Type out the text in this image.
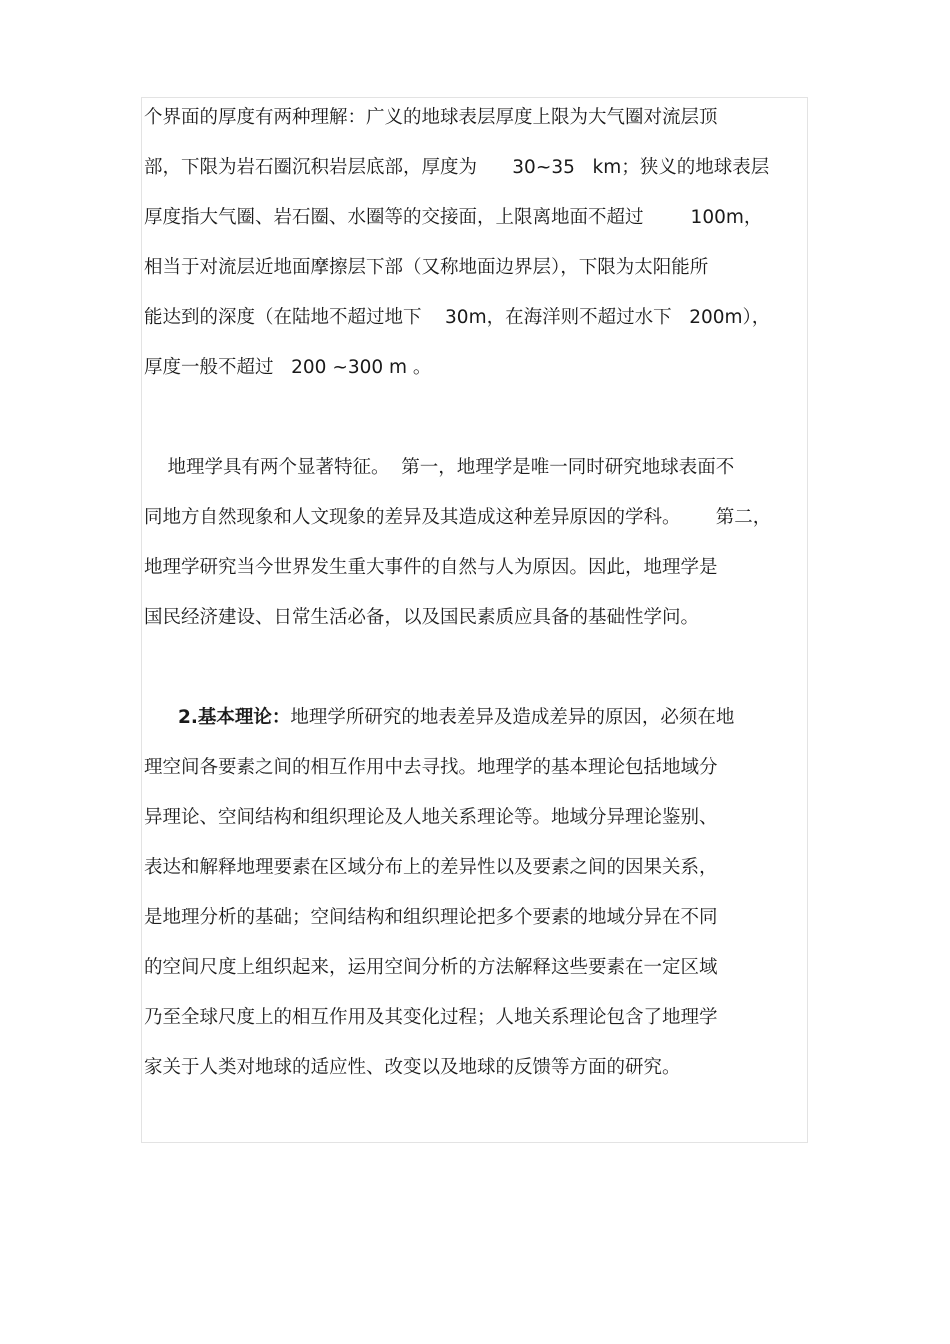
个界面的厚度有两种理解：广义的地球表层厚度上限为大气圈对流层顶
部，下限为岩石圈沉积岩层底部，厚度为      30~35   km；狭义的地球表层
厚度指大气圈、岩石圈、水圈等的交接面，上限离地面不超过        100m，
相当于对流层近地面摩擦层下部（又称地面边界层），下限为太阳能所
能达到的深度（在陆地不超过地下    30m，在海洋则不超过水下   200m），
厚度一般不超过   200 ~300 m 。
地理学具有两个显著特征。  第一，地理学是唯一同时研究地球表面不
同地方自然现象和人文现象的差异及其造成这种差异原因的学科。      第二，
地理学研究当今世界发生重大事件的自然与人为原因。因此，地理学是
国民经济建设、日常生活必备，以及国民素质应具备的基础性学问。
2.基本理论：地理学所研究的地表差异及造成差异的原因，必须在地
理空间各要素之间的相互作用中去寻找。地理学的基本理论包括地域分
异理论、空间结构和组织理论及人地关系理论等。地域分异理论鉴别、
表达和解释地理要素在区域分布上的差异性以及要素之间的因果关系，
是地理分析的基础；空间结构和组织理论把多个要素的地域分异在不同
的空间尺度上组织起来，运用空间分析的方法解释这些要素在一定区域
乃至全球尺度上的相互作用及其变化过程；人地关系理论包含了地理学
家关于人类对地球的适应性、改变以及地球的反馈等方面的研究。
